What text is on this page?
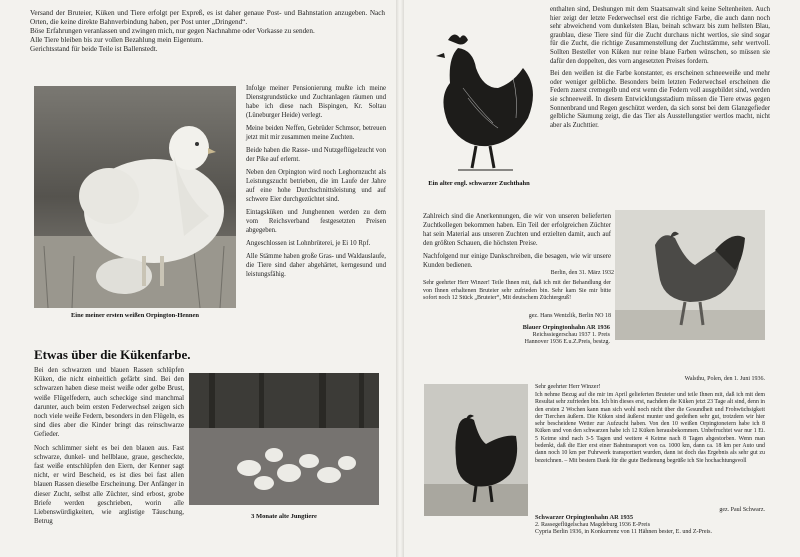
Versand der Bruteier, Küken und Tiere erfolgt per Expreß, es ist daher genaue Post- und Bahnstation anzugeben. Nach Orten, die keine direkte Bahnverbindung haben, per Post unter „Dringend“.

Böse Erfahrungen veranlassen und zwingen mich, nur gegen Nachnahme oder Vorkasse zu senden.

Alle Tiere bleiben bis zur vollen Bezahlung mein Eigentum.

Gerichtsstand für beide Teile ist Ballenstedt.

Eine meiner ersten weißen Orpington-Hennen

Infolge meiner Pensionierung mußte ich meine Dienstgrundstücke und Zuchtanlagen räumen und habe ich diese nach Bispingen, Kr. Soltau (Lüneburger Heide) verlegt.

Meine beiden Neffen, Gebrüder Schmsor, betreuen jetzt mit mir zusammen meine Zuchten.

Beide haben die Rasse- und Nutzgeflügelzucht von der Pike auf erlernt.

Neben den Orpington wird noch Leghornzucht als Leistungszucht betrieben, die im Laufe der Jahre auf eine hohe Durchschnittsleistung und auf schwere Eier durchgezüchtet sind.

Eintagsküken und Junghennen werden zu dem vom Reichsverband festgesetzten Preisen abgegeben.

Angeschlossen ist Lohnbrüterei, je Ei 10 Rpf.

Alle Stämme haben große Gras- und Waldauslaufe, die Tiere sind daher abgehärtet, kerngesund und leistungsfähig.

Etwas über die Kükenfarbe.

Bei den schwarzen und blauen Rassen schlüpfen Küken, die nicht einheitlich gefärbt sind. Bei den schwarzen haben diese meist weiße oder gelbe Brust, weiße Flügelfedern, auch scheckige sind manchmal darunter, auch beim ersten Federwechsel zeigen sich noch viele weiße Federn, besonders in den Flügeln, es sind dies aber die Kinder bringt das reinschwarze Gefieder.

Noch schlimmer sieht es bei den blauen aus. Fast schwarze, dunkel- und hellblaue, graue, gescheckte, fast weiße entschlüpfen den Eiern, der Kenner sagt nicht, er wird Bescheid, es ist dies bei fast allen blauen Rassen dieselbe Erscheinung. Der Anfänger in dieser Zucht, selbst alle Züchter, sind erbost, grobe Briefe werden geschrieben, worin alle Liebenswürdigkeiten, wie arglistige Täuschung, Betrug

3 Monate alte Jungtiere
Ein alter engl. schwarzer Zuchthahn

enthalten sind, Deshungen mit dem Staatsanwalt sind keine Seltenheiten. Auch hier zeigt der letzte Federwechsel erst die richtige Farbe, die auch dann noch sehr abweichend vom dunkelsten Blau, beinah schwarz bis zum hellsten Blau, graublau, diese Tiere sind für die Zucht durchaus nicht wertlos, sie sind sogar für die Zucht, die richtige Zusammenstellung der Zuchtstämme, sehr wertvoll. Sollten Besteller von Küken nur reine blaue Farben wünschen, so müssen sie dafür den doppelten, des vorn angesetzten Preises fordern.

Bei den weißen ist die Farbe konstanter, es erscheinen schneeweiße und mehr oder weniger gelbliche. Besonders beim letzten Federwechsel erscheinen die Federn zuerst cremegelb und erst wenn die Federn voll ausgebildet sind, werden sie schneeweiß. In diesem Entwicklungsstadium müssen die Tiere etwas gegen Sonnenbrand und Regen geschützt werden, da sich sonst bei dem Glanzgefieder gelbliche Säumung zeigt, die das Tier als Ausstellungstier wertlos macht, nicht aber als Zuchttier.

Zahlreich sind die Anerkennungen, die wir von unseren belieferten Zuchtkollegen bekommen haben. Ein Teil der erfolgreichen Züchter hat sein Material aus unseren Zuchten und erzielten damit, auch auf den größten Schauen, die höchsten Preise.

Nachfolgend nur einige Dankschreiben, die besagen, wie wir unsere Kunden bedienen.

Berlin, den 31. März 1932
Sehr geehrter Herr Winzer! Teile Ihnen mit, daß ich mit der Behandlung der von Ihnen erhaltenen Bruteier sehr zufrieden bin. Sehr kam Sie mir bitte sofort noch 12 Stück „Bruteier“, Mit deutschem Züchtergruß!
gez. Hans Wentzlik, Berlin NO 18
Blauer Orpingtonhahn AR 1936
Reichssiegerschau 1937 1. Preis
Hannover 1936 E.u.Z.Preis, bestzg.
Walsthu, Polen, den 1. Juni 1936.
Sehr geehrter Herr Winzer!
Ich nehme Bezug auf die mir im April gelieferten Bruteier und teile Ihnen mit, daß ich mit dem Resultat sehr zufrieden bin. Ich bin dieses erst, nachdem die Küken jetzt 23 Tage alt sind, denn in den ersten 2 Wochen kann man sich wohl noch nicht über die Gesundheit und Frohwüchsigkeit der Tierchen äußern. Die Küken sind äußerst munter und gedeihen sehr gut, trotzdem wir hier sehr bescheidene Wetter zur Aufzucht haben. Von den 10 weißen Orpingtoneiern habe ich 8 Küken und von den schwarzen habe ich 12 Küken herausbekommen. Unbefruchtet war nur 1 Ei. 5 Keime sind nach 3-5 Tagen und weitere 4 Keime nach 8 Tagen abgestorben. Wenn man bedenkt, daß die Eier erst einer Bahntransport von ca. 1000 km, dann ca. 18 km per Auto und dann noch 10 km per Fuhrwerk transportiert wurden, dann ist doch das Ergebnis als sehr gut zu bezeichnen. – Mit bestem Dank für die gute Bedienung begrüße ich Sie hochachtungsvoll
gez. Paul Schwarz.
Schwarzer Orpingtonhahn AR 1935
2. Rassegeflügelschau Magdeburg 1936 E-Preis
Cypria Berlin 1936, in Konkurrenz von 11 Hähnen bester, E. und Z-Preis.
